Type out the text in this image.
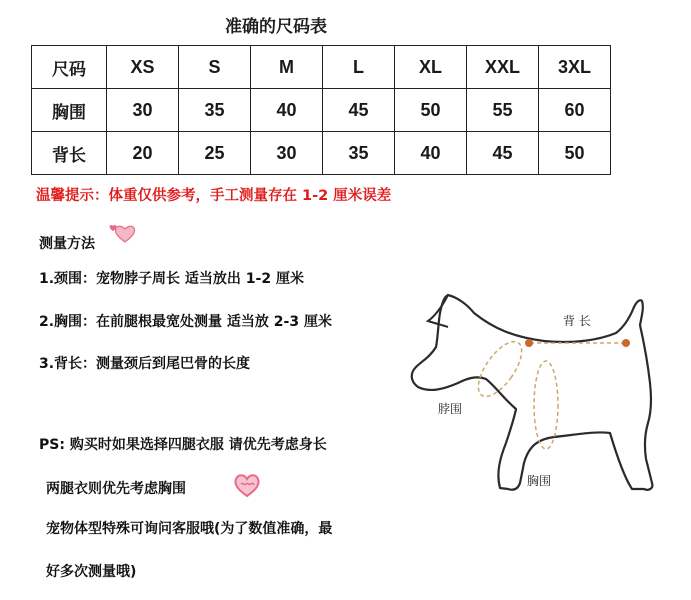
准确的尺码表
尺码	XS	S	M	L	XL	XXL	3XL
胸围	30	35	40	45	50	55	60
背长	20	25	30	35	40	45	50
温馨提示：体重仅供参考，手工测量存在 1-2 厘米误差
测量方法
1.颈围：宠物脖子周长 适当放出 1-2 厘米
2.胸围：在前腿根最宽处测量 适当放 2-3 厘米
3.背长：测量颈后到尾巴骨的长度
PS: 购买时如果选择四腿衣服 请优先考虑身长
两腿衣则优先考虑胸围
宠物体型特殊可询问客服哦(为了数值准确，最
好多次测量哦)
背 长
脖围
胸围
